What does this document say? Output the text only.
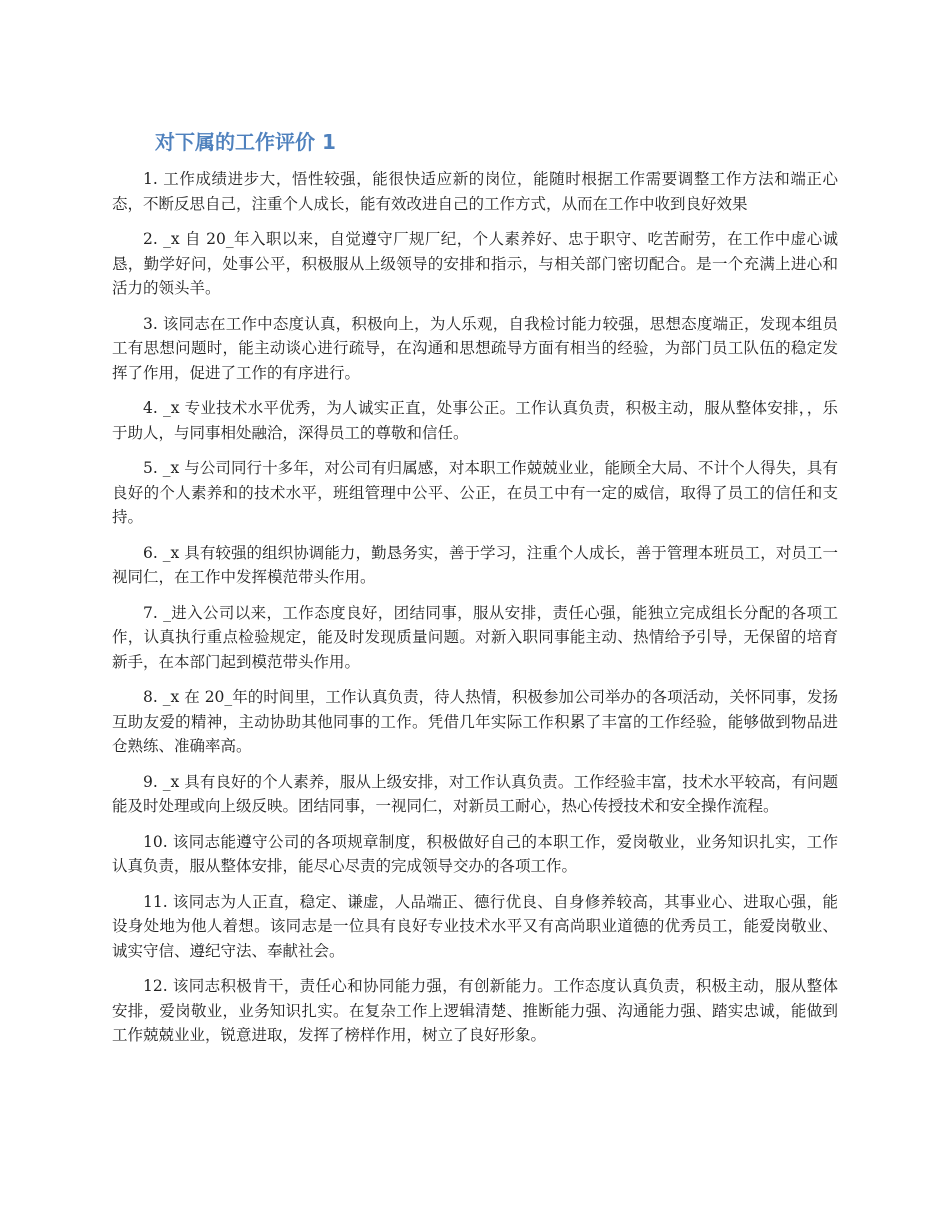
对下属的工作评价 1

1. 工作成绩进步大，悟性较强，能很快适应新的岗位，能随时根据工作需要调整工作方法和端正心态，不断反思自己，注重个人成长，能有效改进自己的工作方式，从而在工作中收到良好效果

2. _x 自 20_年入职以来，自觉遵守厂规厂纪，个人素养好、忠于职守、吃苦耐劳，在工作中虚心诚恳，勤学好问，处事公平，积极服从上级领导的安排和指示，与相关部门密切配合。是一个充满上进心和活力的领头羊。

3. 该同志在工作中态度认真，积极向上，为人乐观，自我检讨能力较强，思想态度端正，发现本组员工有思想问题时，能主动谈心进行疏导，在沟通和思想疏导方面有相当的经验，为部门员工队伍的稳定发挥了作用，促进了工作的有序进行。

4. _x 专业技术水平优秀，为人诚实正直，处事公正。工作认真负责，积极主动，服从整体安排，，乐于助人，与同事相处融洽，深得员工的尊敬和信任。

5. _x 与公司同行十多年，对公司有归属感，对本职工作兢兢业业，能顾全大局、不计个人得失，具有良好的个人素养和的技术水平，班组管理中公平、公正，在员工中有一定的威信，取得了员工的信任和支持。

6. _x 具有较强的组织协调能力，勤恳务实，善于学习，注重个人成长，善于管理本班员工，对员工一视同仁，在工作中发挥模范带头作用。

7. _进入公司以来，工作态度良好，团结同事，服从安排，责任心强，能独立完成组长分配的各项工作，认真执行重点检验规定，能及时发现质量问题。对新入职同事能主动、热情给予引导，无保留的培育新手，在本部门起到模范带头作用。

8. _x 在 20_年的时间里，工作认真负责，待人热情，积极参加公司举办的各项活动，关怀同事，发扬互助友爱的精神，主动协助其他同事的工作。凭借几年实际工作积累了丰富的工作经验，能够做到物品进仓熟练、准确率高。

9. _x 具有良好的个人素养，服从上级安排，对工作认真负责。工作经验丰富，技术水平较高，有问题能及时处理或向上级反映。团结同事，一视同仁，对新员工耐心，热心传授技术和安全操作流程。

10. 该同志能遵守公司的各项规章制度，积极做好自己的本职工作，爱岗敬业，业务知识扎实，工作认真负责，服从整体安排，能尽心尽责的完成领导交办的各项工作。

11. 该同志为人正直，稳定、谦虚，人品端正、德行优良、自身修养较高，其事业心、进取心强，能设身处地为他人着想。该同志是一位具有良好专业技术水平又有高尚职业道德的优秀员工，能爱岗敬业、诚实守信、遵纪守法、奉献社会。

12. 该同志积极肯干，责任心和协同能力强，有创新能力。工作态度认真负责，积极主动，服从整体安排，爱岗敬业，业务知识扎实。在复杂工作上逻辑清楚、推断能力强、沟通能力强、踏实忠诚，能做到工作兢兢业业，锐意进取，发挥了榜样作用，树立了良好形象。
